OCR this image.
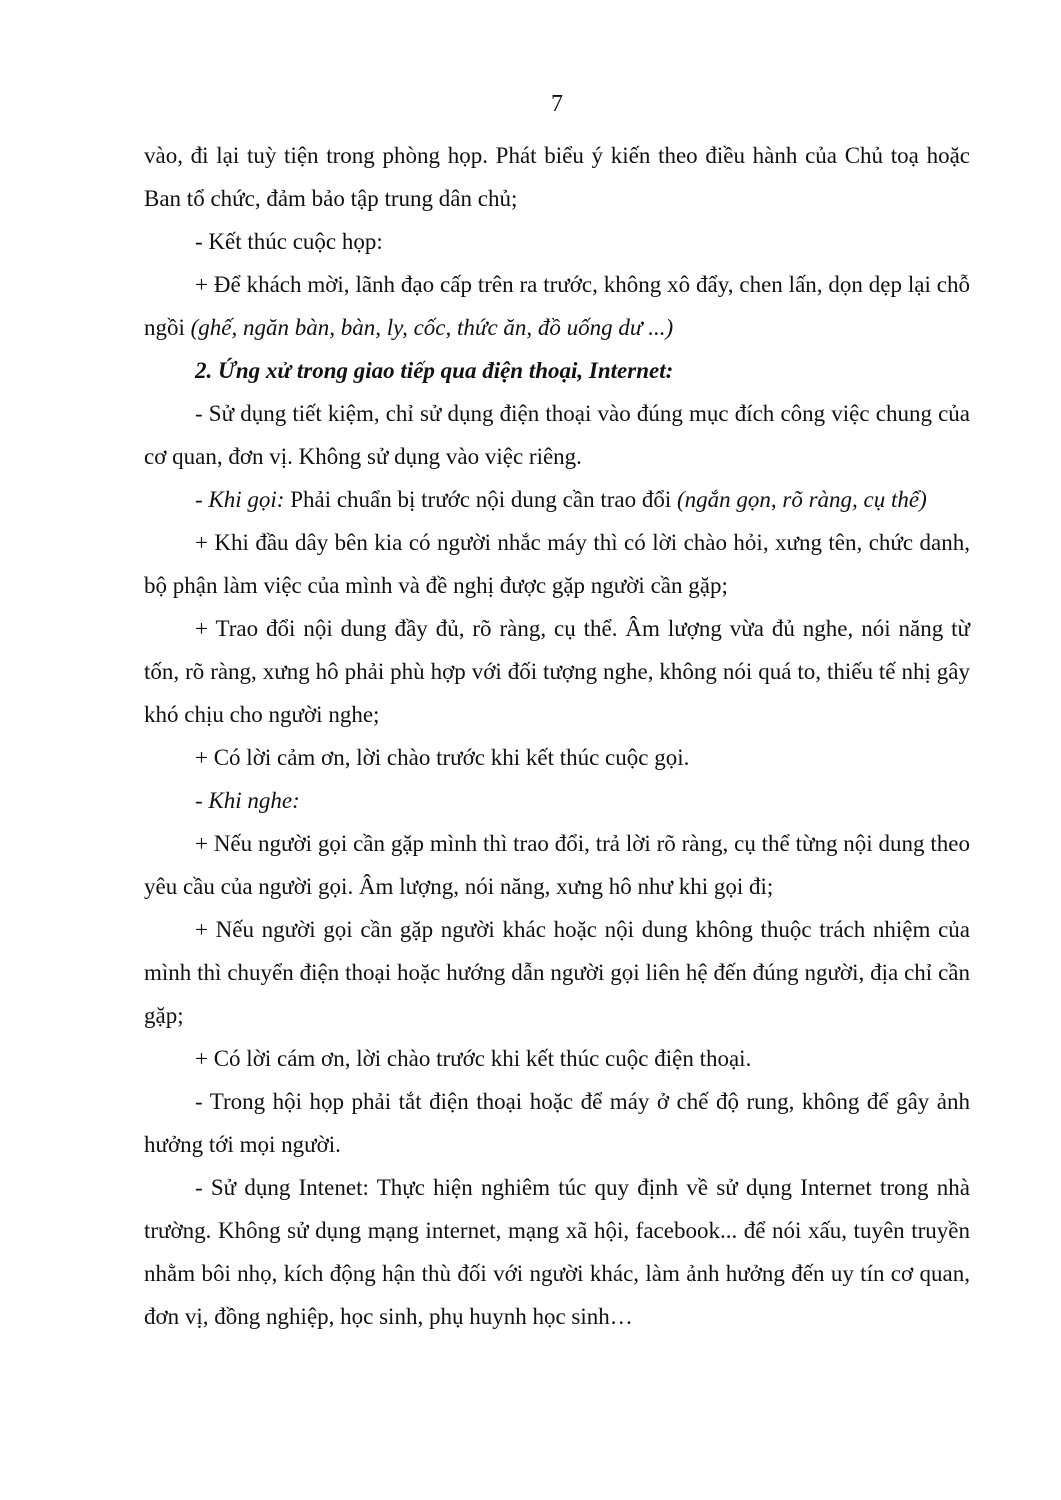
7

vào, đi lại tuỳ tiện trong phòng họp. Phát biểu ý kiến theo điều hành của Chủ toạ hoặc Ban tổ chức, đảm bảo tập trung dân chủ;

- Kết thúc cuộc họp:

+ Để khách mời, lãnh đạo cấp trên ra trước, không xô đẩy, chen lấn, dọn dẹp lại chỗ ngồi (ghế, ngăn bàn, bàn, ly, cốc, thức ăn, đồ uống dư ...)

2. Ứng xử trong giao tiếp qua điện thoại, Internet:

- Sử dụng tiết kiệm, chỉ sử dụng điện thoại vào đúng mục đích công việc chung của cơ quan, đơn vị. Không sử dụng vào việc riêng.

- Khi gọi: Phải chuẩn bị trước nội dung cần trao đổi (ngắn gọn, rõ ràng, cụ thể)

+ Khi đầu dây bên kia có người nhắc máy thì có lời chào hỏi, xưng tên, chức danh, bộ phận làm việc của mình và đề nghị được gặp người cần gặp;

+ Trao đổi nội dung đầy đủ, rõ ràng, cụ thể. Âm lượng vừa đủ nghe, nói năng từ tốn, rõ ràng, xưng hô phải phù hợp với đối tượng nghe, không nói quá to, thiếu tế nhị gây khó chịu cho người nghe;

+ Có lời cảm ơn, lời chào trước khi kết thúc cuộc gọi.

- Khi nghe:

+ Nếu người gọi cần gặp mình thì trao đổi, trả lời rõ ràng, cụ thể từng nội dung theo yêu cầu của người gọi. Âm lượng, nói năng, xưng hô như khi gọi đi;

+ Nếu người gọi cần gặp người khác hoặc nội dung không thuộc trách nhiệm của mình thì chuyển điện thoại hoặc hướng dẫn người gọi liên hệ đến đúng người, địa chỉ cần gặp;

+ Có lời cám ơn, lời chào trước khi kết thúc cuộc điện thoại.

- Trong hội họp phải tắt điện thoại hoặc để máy ở chế độ rung, không để gây ảnh hưởng tới mọi người.

- Sử dụng Intenet: Thực hiện nghiêm túc quy định về sử dụng Internet trong nhà trường. Không sử dụng mạng internet, mạng xã hội, facebook... để nói xấu, tuyên truyền nhằm bôi nhọ, kích động hận thù đối với người khác, làm ảnh hưởng đến uy tín cơ quan, đơn vị, đồng nghiệp, học sinh, phụ huynh học sinh…
